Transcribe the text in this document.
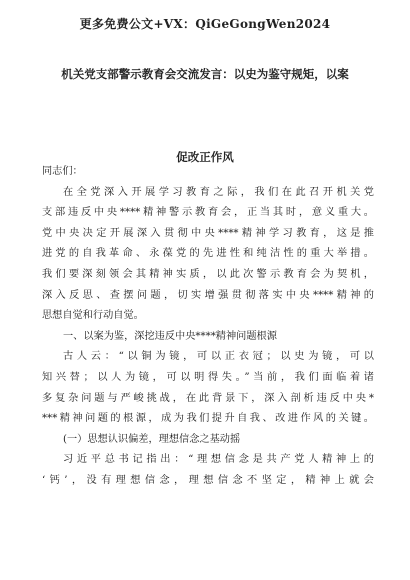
更多免费公文+VX：QiGeGongWen2024
机关党支部警示教育会交流发言：以史为鉴守规矩，以案
促改正作风
同志们：
在全党深入开展学习教育之际，我们在此召开机关党
支部违反中央****精神警示教育会，正当其时，意义重大。
党中央决定开展深入贯彻中央****精神学习教育，这是推
进党的自我革命、永葆党的先进性和纯洁性的重大举措。
我们要深刻领会其精神实质，以此次警示教育会为契机，
深入反思、查摆问题，切实增强贯彻落实中央****精神的
思想自觉和行动自觉。
一、以案为鉴，深挖违反中央****精神问题根源
古人云：“以铜为镜，可以正衣冠；以史为镜，可以
知兴替；以人为镜，可以明得失。”当前，我们面临着诸
多复杂问题与严峻挑战，在此背景下，深入剖析违反中央*
***精神问题的根源，成为我们提升自我、改进作风的关键。
(一）思想认识偏差，理想信念之基动摇
习近平总书记指出：“理想信念是共产党人精神上的
‘钙’，没有理想信念，理想信念不坚定，精神上就会
